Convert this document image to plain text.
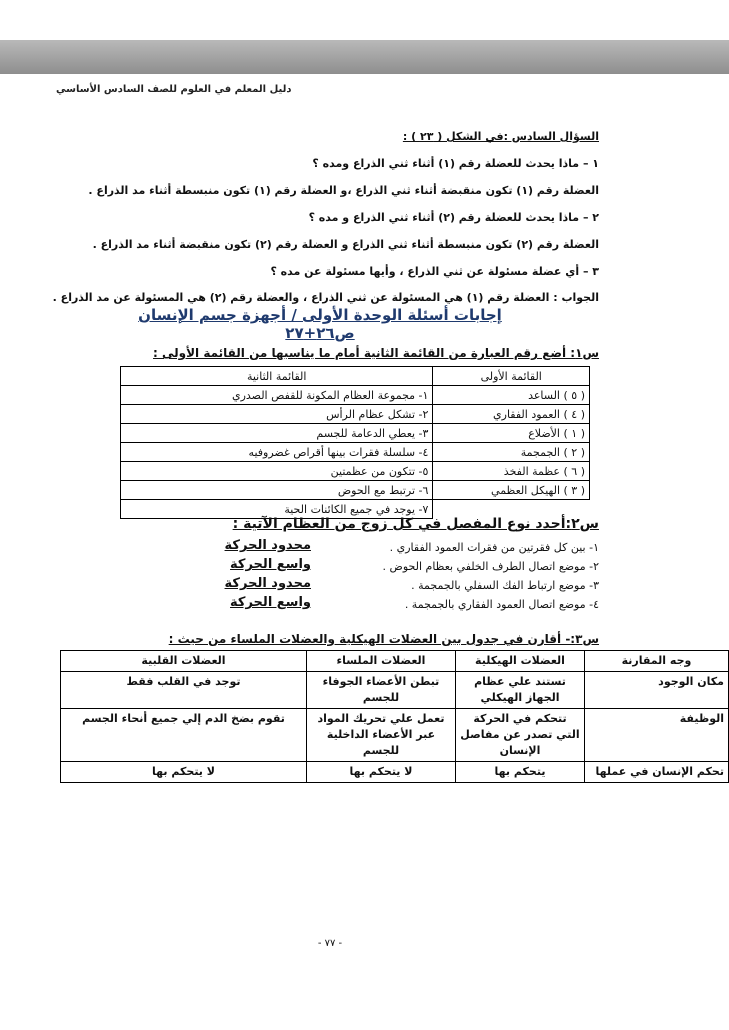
دليل المعلم في العلوم للصف السادس الأساسي
السؤال السادس :في الشكل ( ٢٣ ) :
١ – ماذا يحدث للعضلة رقم (١) أثناء ثني الذراع ومده ؟
العضلة رقم (١) تكون منقبضة أثناء ثني الذراع ،و العضلة رقم (١) تكون منبسطة أثناء مد الذراع .
٢ – ماذا يحدث للعضلة رقم (٢) أثناء ثني الذراع و مده ؟
العضلة رقم (٢) تكون منبسطة أثناء ثني الذراع و العضلة رقم (٢) تكون منقبضة أثناء مد الذراع .
٣ – أي عضلة مسئولة عن ثني الذراع ، وأيها مسئولة عن مده ؟
الجواب : العضلة رقم (١) هي المسئولة عن ثني الذراع ، والعضلة رقم (٢) هي المسئولة عن مد الذراع .
إجابات أسئلة الوحدة الأولى / أجهزة جسم الإنسان ص٢٦+٢٧
س١: أضع رقم العبارة من القائمة الثانية أمام ما يناسبها من القائمة الأولى :
القائمة الأولى	القائمة الثانية
( ٥ ) الساعد	١- مجموعة العظام المكونة للقفص الصدري
( ٤ ) العمود الفقاري	٢- تشكل عظام الرأس
( ١ ) الأضلاع	٣- يعطي الدعامة للجسم
( ٢ ) الجمجمة	٤- سلسلة فقرات بينها أقراص غضروفيه
( ٦ ) عظمة الفخذ	٥- تتكون من عظمتين
( ٣ ) الهيكل العظمي	٦- ترتبط مع الحوض
	٧- يوجد في جميع الكائنات الحية
س٢:أحدد نوع المفصل في كل زوج من العظام الآتية :
١- بين كل فقرتين من فقرات العمود الفقاري .
محدود الحركة
٢- موضع اتصال الطرف الخلفي بعظام الحوض .
واسع الحركة
٣- موضع ارتباط الفك السفلي بالجمجمة .
محدود الحركة
٤- موضع اتصال العمود الفقاري بالجمجمة .
واسع الحركة
س٣:- أقارن في جدول بين العضلات الهيكلية والعضلات الملساء من حيث :
وجه المقارنة	العضلات الهيكلية	العضلات الملساء	العضلات القلبية
مكان الوجود	تستند علي عظام الجهاز الهيكلي	تبطن الأعضاء الجوفاء للجسم	توجد في القلب فقط
الوظيفة	تتحكم في الحركة التي تصدر عن مفاصل الإنسان	تعمل علي تحريك المواد عبر الأعضاء الداخلية للجسم	تقوم بضخ الدم إلي جميع أنحاء الجسم
تحكم الإنسان في عملها	يتحكم بها	لا يتحكم بها	لا يتحكم بها
- ٧٧ -
